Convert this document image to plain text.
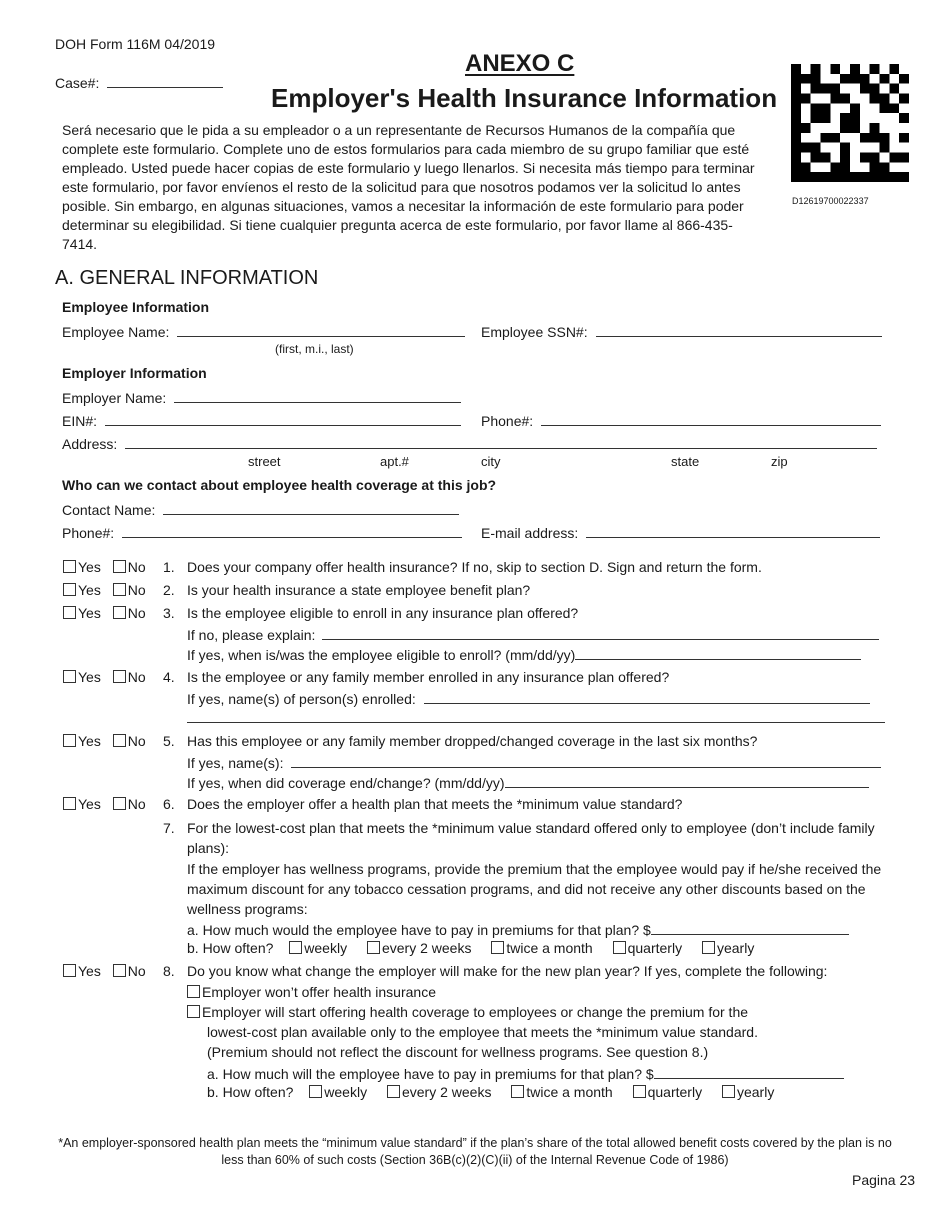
DOH Form 116M 04/2019
Case#:
ANEXO C
Employer's Health Insurance Information
D12619700022337
Será necesario que le pida a su empleador o a un representante de Recursos Humanos de la compañía que complete este formulario. Complete uno de estos formularios para cada miembro de su grupo familiar que esté empleado. Usted puede hacer copias de este formulario y luego llenarlos. Si necesita más tiempo para terminar este formulario, por favor envíenos el resto de la solicitud para que nosotros podamos ver la solicitud lo antes posible. Sin embargo, en algunas situaciones, vamos a necesitar la información de este formulario para poder determinar su elegibilidad. Si tiene cualquier pregunta acerca de este formulario, por favor llame al 866-435-7414.
A. GENERAL INFORMATION
Employee Information
Employee Name:	Employee SSN#:
(first, m.i., last)
Employer Information
Employer Name:
EIN#:	Phone#:
Address:
street	apt.#	city	state	zip
Who can we contact about employee health coverage at this job?
Contact Name:
Phone#:	E-mail address:
Yes No 1. Does your company offer health insurance? If no, skip to section D. Sign and return the form.
Yes No 2. Is your health insurance a state employee benefit plan?
Yes No 3. Is the employee eligible to enroll in any insurance plan offered?
If no, please explain:
If yes, when is/was the employee eligible to enroll? (mm/dd/yy)
Yes No 4. Is the employee or any family member enrolled in any insurance plan offered?
If yes, name(s) of person(s) enrolled:
Yes No 5. Has this employee or any family member dropped/changed coverage in the last six months?
If yes, name(s):
If yes, when did coverage end/change? (mm/dd/yy)
Yes No 6. Does the employer offer a health plan that meets the *minimum value standard?
7. For the lowest-cost plan that meets the *minimum value standard offered only to employee (don’t include family plans):
If the employer has wellness programs, provide the premium that the employee would pay if he/she received the maximum discount for any tobacco cessation programs, and did not receive any other discounts based on the wellness programs:
a. How much would the employee have to pay in premiums for that plan? $
b. How often? weekly every 2 weeks twice a month quarterly yearly
Yes No 8. Do you know what change the employer will make for the new plan year? If yes, complete the following:
Employer won’t offer health insurance
Employer will start offering health coverage to employees or change the premium for the
lowest-cost plan available only to the employee that meets the *minimum value standard.
(Premium should not reflect the discount for wellness programs. See question 8.)
a. How much will the employee have to pay in premiums for that plan? $
b. How often? weekly every 2 weeks twice a month quarterly yearly
*An employer-sponsored health plan meets the “minimum value standard” if the plan’s share of the total allowed benefit costs covered by the plan is no less than 60% of such costs (Section 36B(c)(2)(C)(ii) of the Internal Revenue Code of 1986)
Pagina 23
